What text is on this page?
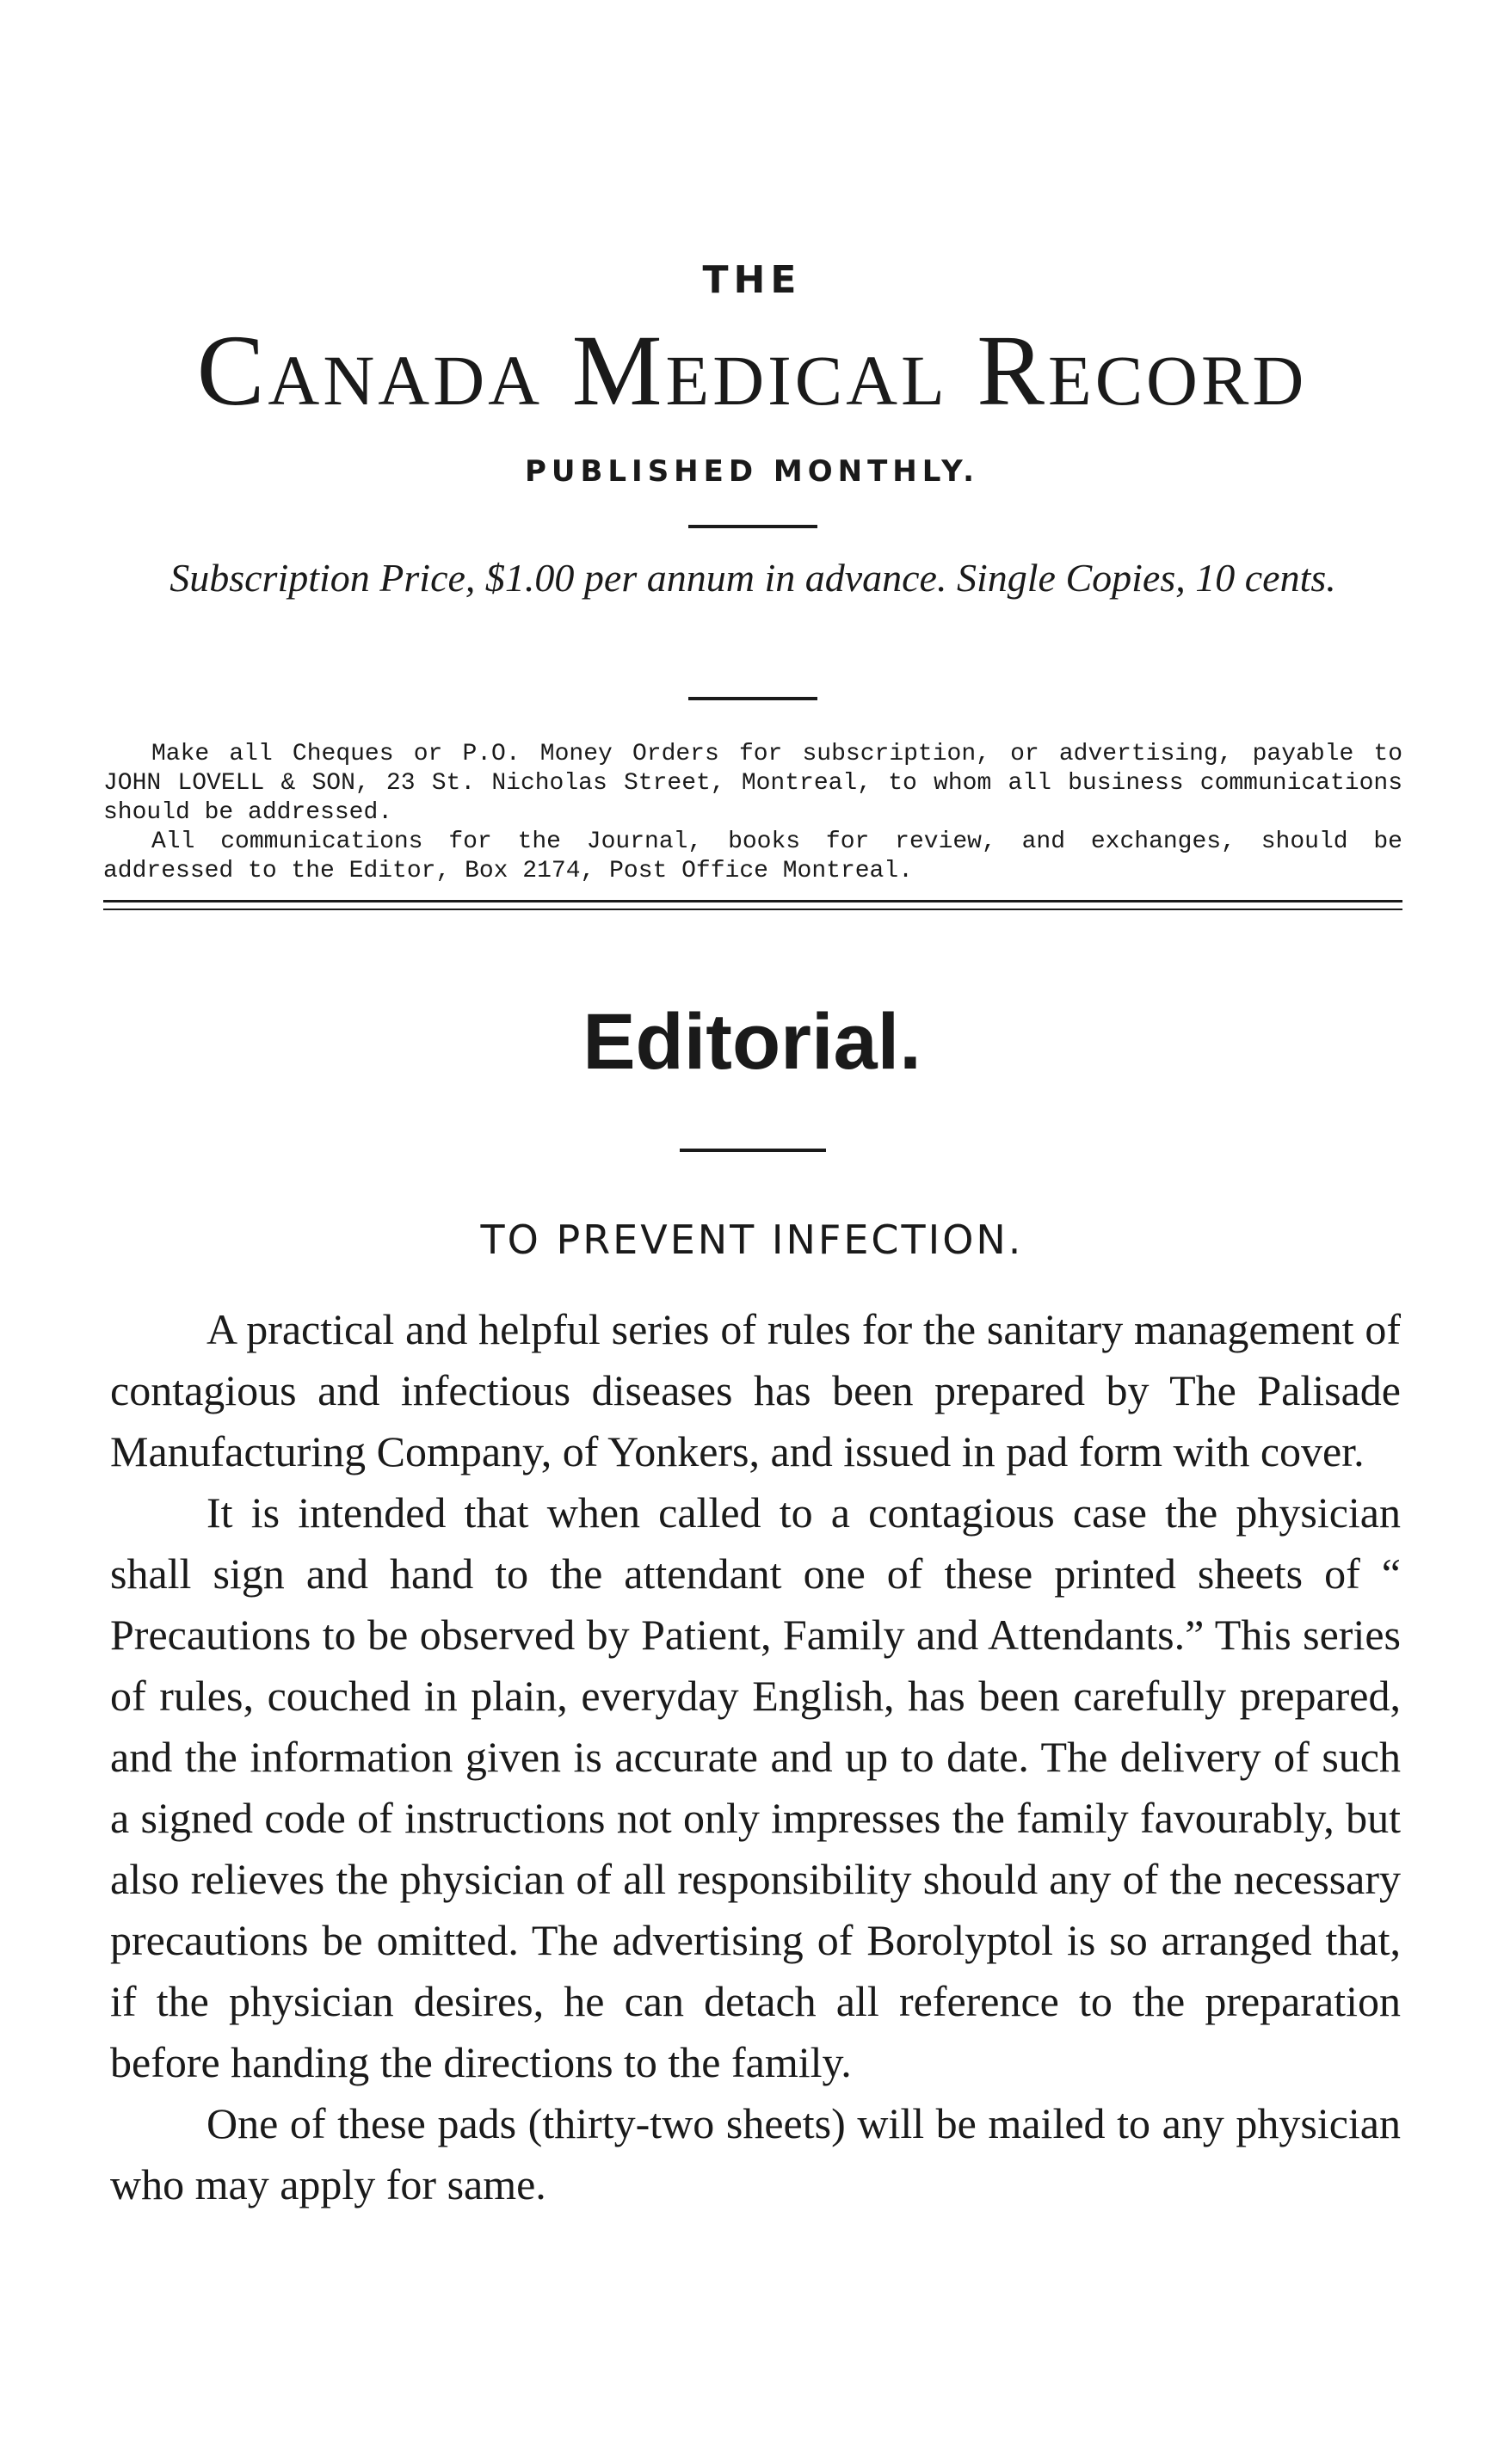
THE
Canada Medical Record
PUBLISHED MONTHLY.
Subscription Price, $1.00 per annum in advance. Single Copies, 10 cents.

Make all Cheques or P.O. Money Orders for subscription, or advertising, payable to JOHN LOVELL & SON, 23 St. Nicholas Street, Montreal, to whom all business communications should be addressed.

All communications for the Journal, books for review, and exchanges, should be addressed to the Editor, Box 2174, Post Office Montreal.

Editorial.
TO PREVENT INFECTION.

A practical and helpful series of rules for the sanitary management of contagious and infectious diseases has been prepared by The Palisade Manufacturing Company, of Yonkers, and issued in pad form with cover.

It is intended that when called to a contagious case the physician shall sign and hand to the attendant one of these printed sheets of “ Precautions to be observed by Patient, Family and Attendants.” This series of rules, couched in plain, everyday English, has been carefully prepared, and the information given is accurate and up to date. The delivery of such a signed code of instructions not only impresses the family favourably, but also relieves the physician of all responsibility should any of the necessary precautions be omitted. The advertising of Borolyptol is so arranged that, if the physician desires, he can detach all reference to the preparation before handing the directions to the family.

One of these pads (thirty-two sheets) will be mailed to any physician who may apply for same.
